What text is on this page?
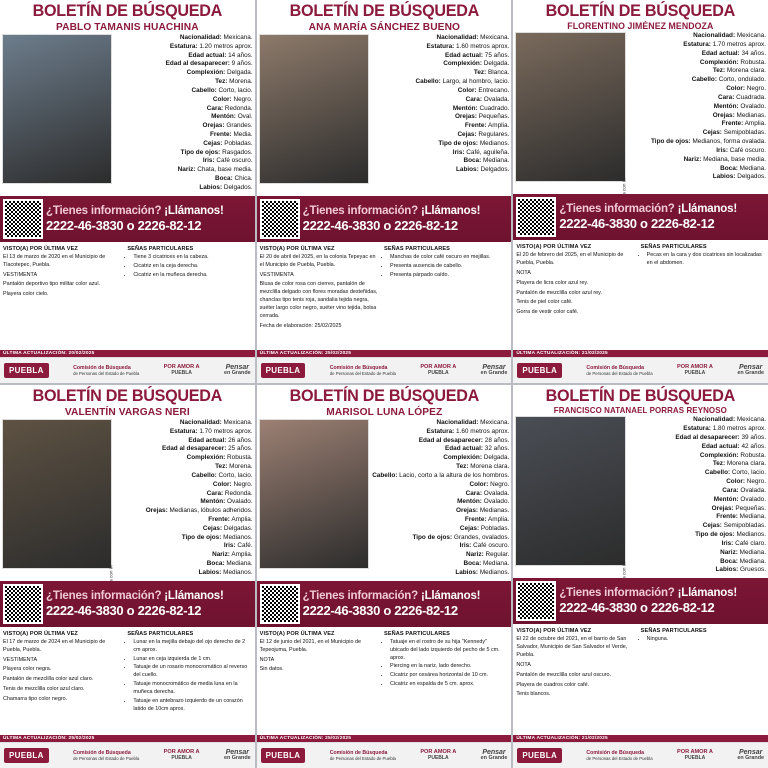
BOLETÍN DE BÚSQUEDA
PABLO TAMANIS HUACHINA
Nacionalidad: Mexicana.
Estatura: 1.20 metros aprox.
Edad actual: 14 años.
Edad al desaparecer: 9 años.
Complexión: Delgada.
Tez: Morena.
Cabello: Corto, lacio.
Color: Negro.
Cara: Redonda.
Mentón: Oval.
Orejas: Grandes.
Frente: Media.
Cejas: Pobladas.
Tipo de ojos: Rasgados.
Iris: Café oscuro.
Nariz: Chata, base media.
Boca: Chica.
Labios: Delgados.
¿Tienes información? ¡Llámanos!
2222-46-3830 o 2226-82-12
VISTO(A) POR ÚLTIMA VEZ

El 13 de marzo de 2020 en el Municipio de Tlacotepec, Puebla.

VESTIMENTA

Pantalón deportivo tipo militar color azul.

Playera color cielo.

SEÑAS PARTICULARES
• Tiene 3 cicatrices en la cabeza.
• Cicatriz en la ceja derecha.
• Cicatriz en la muñeca derecha.
ÚLTIMA ACTUALIZACIÓN: 20/02/2025
PUEBLA	Comisión de Búsqueda
de Personas del Estado de Puebla
POR AMOR A
PUEBLA
Pensar
en Grande
BOLETÍN DE BÚSQUEDA
ANA MARÍA SÁNCHEZ BUENO
Nacionalidad: Mexicana.
Estatura: 1.60 metros aprox.
Edad actual: 75 años.
Complexión: Delgada.
Tez: Blanca.
Cabello: Largo, al hombro, lacio.
Color: Entrecano.
Cara: Ovalada.
Mentón: Cuadrado.
Orejas: Pequeñas.
Frente: Amplia.
Cejas: Regulares.
Tipo de ojos: Medianos.
Iris: Café, aguileña.
Boca: Mediana.
Labios: Delgados.
¿Tienes información? ¡Llámanos!
2222-46-3830 o 2226-82-12
VISTO(A) POR ÚLTIMA VEZ

El 20 de abril del 2025, en la colonia Tepeyac en el Municipio de Puebla, Puebla.

VESTIMENTA

Blusa de color rosa con cierres, pantalón de mezclilla delgado con flores moradas desteñidas, chanclas tipo tenis roja, sandalia tejida negra, suéter largo color negro, suéter vino tejida, bolsa cerrada.

Fecha de elaboración: 25/02/2025

SEÑAS PARTICULARES
• Manchas de color café oscuro en mejillas.
• Presenta ausencia de cabello.
• Presenta párpado caído.
ÚLTIMA ACTUALIZACIÓN: 25/02/2025
PUEBLA	Comisión de Búsqueda
de Personas del Estado de Puebla
POR AMOR A
PUEBLA
Pensar
en Grande
BOLETÍN DE BÚSQUEDA
FLORENTINO JIMÉNEZ MENDOZA
Nacionalidad: Mexicana.
Estatura: 1.70 metros aprox.
Edad actual: 34 años.
Complexión: Robusta.
Tez: Morena clara.
Cabello: Corto, ondulado.
Color: Negro.
Cara: Cuadrada.
Mentón: Ovalado.
Orejas: Medianas.
Frente: Amplia.
Cejas: Semipobladas.
Tipo de ojos: Medianos, forma ovalada.
Iris: Café oscuro.
Nariz: Mediana, base media.
Boca: Mediana.
Labios: Delgados.
¿Tienes información? ¡Llámanos!
2222-46-3830 o 2226-82-12
VISTO(A) POR ÚLTIMA VEZ

El 20 de febrero del 2025, en el Municipio de Puebla, Puebla.

NOTA

Playera de licra color azul rey.

Pantalón de mezclilla color azul rey.

Tenis de piel color café.

Gorra de vestir color café.

SEÑAS PARTICULARES
• Pecas en la cara y dos cicatrices sin localizadas en el abdomen.
ÚLTIMA ACTUALIZACIÓN: 21/02/2025
PUEBLA	Comisión de Búsqueda
de Personas del Estado de Puebla
POR AMOR A
PUEBLA
Pensar
en Grande
BOLETÍN DE BÚSQUEDA
VALENTÍN VARGAS NERI
Nacionalidad: Mexicana.
Estatura: 1.70 metros aprox.
Edad actual: 26 años.
Edad al desaparecer: 25 años.
Complexión: Robusta.
Tez: Morena.
Cabello: Corto, lacio.
Color: Negro.
Cara: Redonda.
Mentón: Ovalado.
Orejas: Medianas, lóbulos adheridos.
Frente: Amplia.
Cejas: Delgadas.
Tipo de ojos: Medianos.
Iris: Café.
Nariz: Amplia.
Boca: Mediana.
Labios: Medianos.
¿Tienes información? ¡Llámanos!
2222-46-3830 o 2226-82-12
VISTO(A) POR ÚLTIMA VEZ

El 17 de marzo de 2024 en el Municipio de Puebla, Puebla.

VESTIMENTA

Playera color negra.

Pantalón de mezclilla color azul claro.

Tenis de mezclilla color azul claro.

Chamarra tipo color negro.

SEÑAS PARTICULARES
• Lunar en la mejilla debajo del ojo derecho de 2 cm aprox.
• Lunar en ceja izquierda de 1 cm.
• Tatuaje de un rosario monocromático al reverso del cuello.
• Tatuaje monocromático de media luna en la muñeca derecha.
• Tatuaje en antebrazo izquierdo de un corazón latido de 10cm aprox.
ÚLTIMA ACTUALIZACIÓN: 25/02/2025
PUEBLA	Comisión de Búsqueda
de Personas del Estado de Puebla
POR AMOR A
PUEBLA
Pensar
en Grande
BOLETÍN DE BÚSQUEDA
MARISOL LUNA LÓPEZ
Nacionalidad: Mexicana.
Estatura: 1.60 metros aprox.
Edad al desaparecer: 28 años.
Edad actual: 32 años.
Complexión: Delgada.
Tez: Morena clara.
Cabello: Lacio, corto a la altura de los hombros.
Color: Negro.
Cara: Ovalada.
Mentón: Ovalado.
Orejas: Medianas.
Frente: Amplia.
Cejas: Pobladas.
Tipo de ojos: Grandes, ovalados.
Iris: Café oscuro.
Nariz: Regular.
Boca: Mediana.
Labios: Medianos.
¿Tienes información? ¡Llámanos!
2222-46-3830 o 2226-82-12
VISTO(A) POR ÚLTIMA VEZ

El 12 de junio del 2021, en el Municipio de Tepeojuma, Puebla.

NOTA

Sin datos.

SEÑAS PARTICULARES
• Tatuaje en el rostro de su hija "Kennedy" ubicado del lado izquierdo del pecho de 5 cm. aprox.
• Piercing en la nariz, lado derecho.
• Cicatriz por cesárea horizontal de 10 cm.
• Cicatriz en espalda de 5 cm. aprox.
ÚLTIMA ACTUALIZACIÓN: 25/02/2025
PUEBLA	Comisión de Búsqueda
de Personas del Estado de Puebla
POR AMOR A
PUEBLA
Pensar
en Grande
BOLETÍN DE BÚSQUEDA
FRANCISCO NATANAEL PORRAS REYNOSO
Nacionalidad: Mexicana.
Estatura: 1.80 metros aprox.
Edad al desaparecer: 39 años.
Edad actual: 42 años.
Complexión: Robusta.
Tez: Morena clara.
Cabello: Corto, lacio.
Color: Negro.
Cara: Ovalada.
Mentón: Ovalado.
Orejas: Pequeñas.
Frente: Mediana.
Cejas: Semipobladas.
Tipo de ojos: Medianos.
Iris: Café claro.
Nariz: Mediana.
Boca: Mediana.
Labios: Gruesos.
¿Tienes información? ¡Llámanos!
2222-46-3830 o 2226-82-12
VISTO(A) POR ÚLTIMA VEZ

El 22 de octubre del 2021, en el barrio de San Salvador, Municipio de San Salvador el Verde, Puebla.

NOTA

Pantalón de mezclilla color azul oscuro.

Playera de cuadros color café.

Tenis blancos.

SEÑAS PARTICULARES
• Ninguna.
ÚLTIMA ACTUALIZACIÓN: 21/02/2025
PUEBLA	Comisión de Búsqueda
de Personas del Estado de Puebla
POR AMOR A
PUEBLA
Pensar
en Grande
